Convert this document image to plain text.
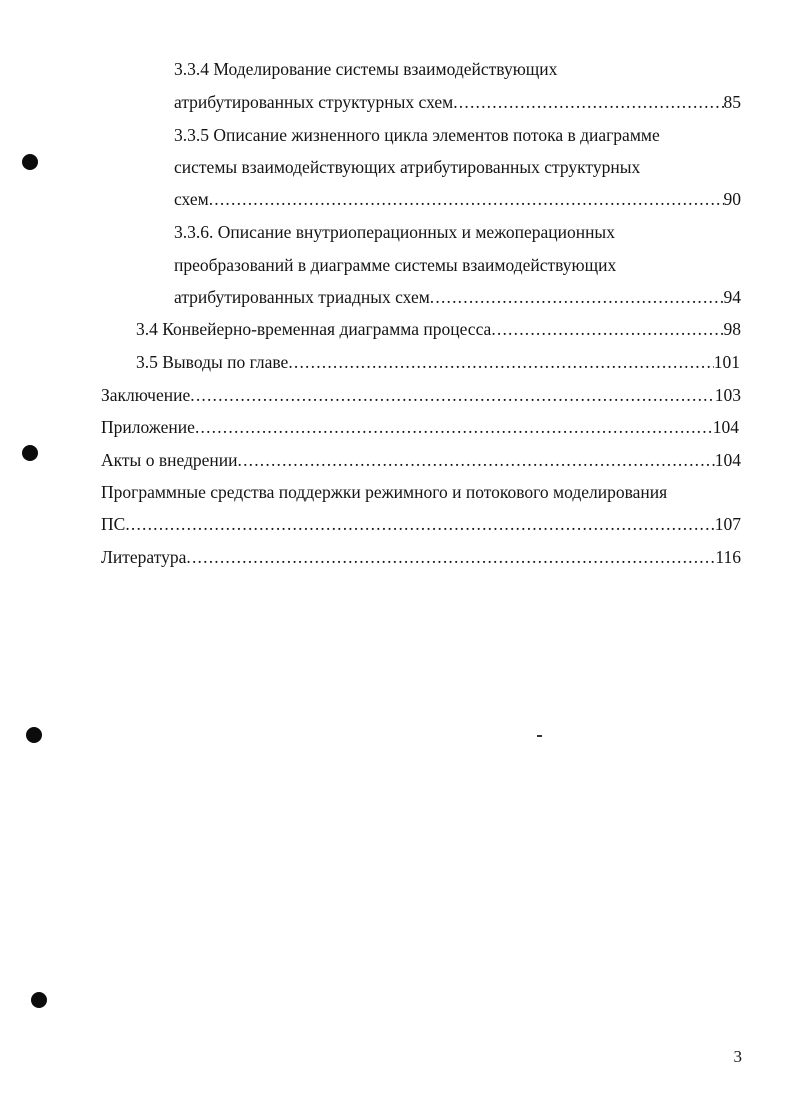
3.3.4 Моделирование системы взаимодействующих
атрибутированных структурных схем .....	85
3.3.5 Описание жизненного цикла элементов потока в диаграмме
системы взаимодействующих атрибутированных структурных
схем .....	90
3.3.6. Описание внутриоперационных и межоперационных
преобразований в диаграмме системы взаимодействующих
атрибутированных триадных схем .....	94
3.4 Конвейерно-временная диаграмма процесса .....	98
3.5 Выводы по главе .....	101
Заключение .....	103
Приложение .....	104
Акты о внедрении .....	104
Программные средства поддержки режимного и потокового моделирования
ПС .....	107
Литература .....	116
3
